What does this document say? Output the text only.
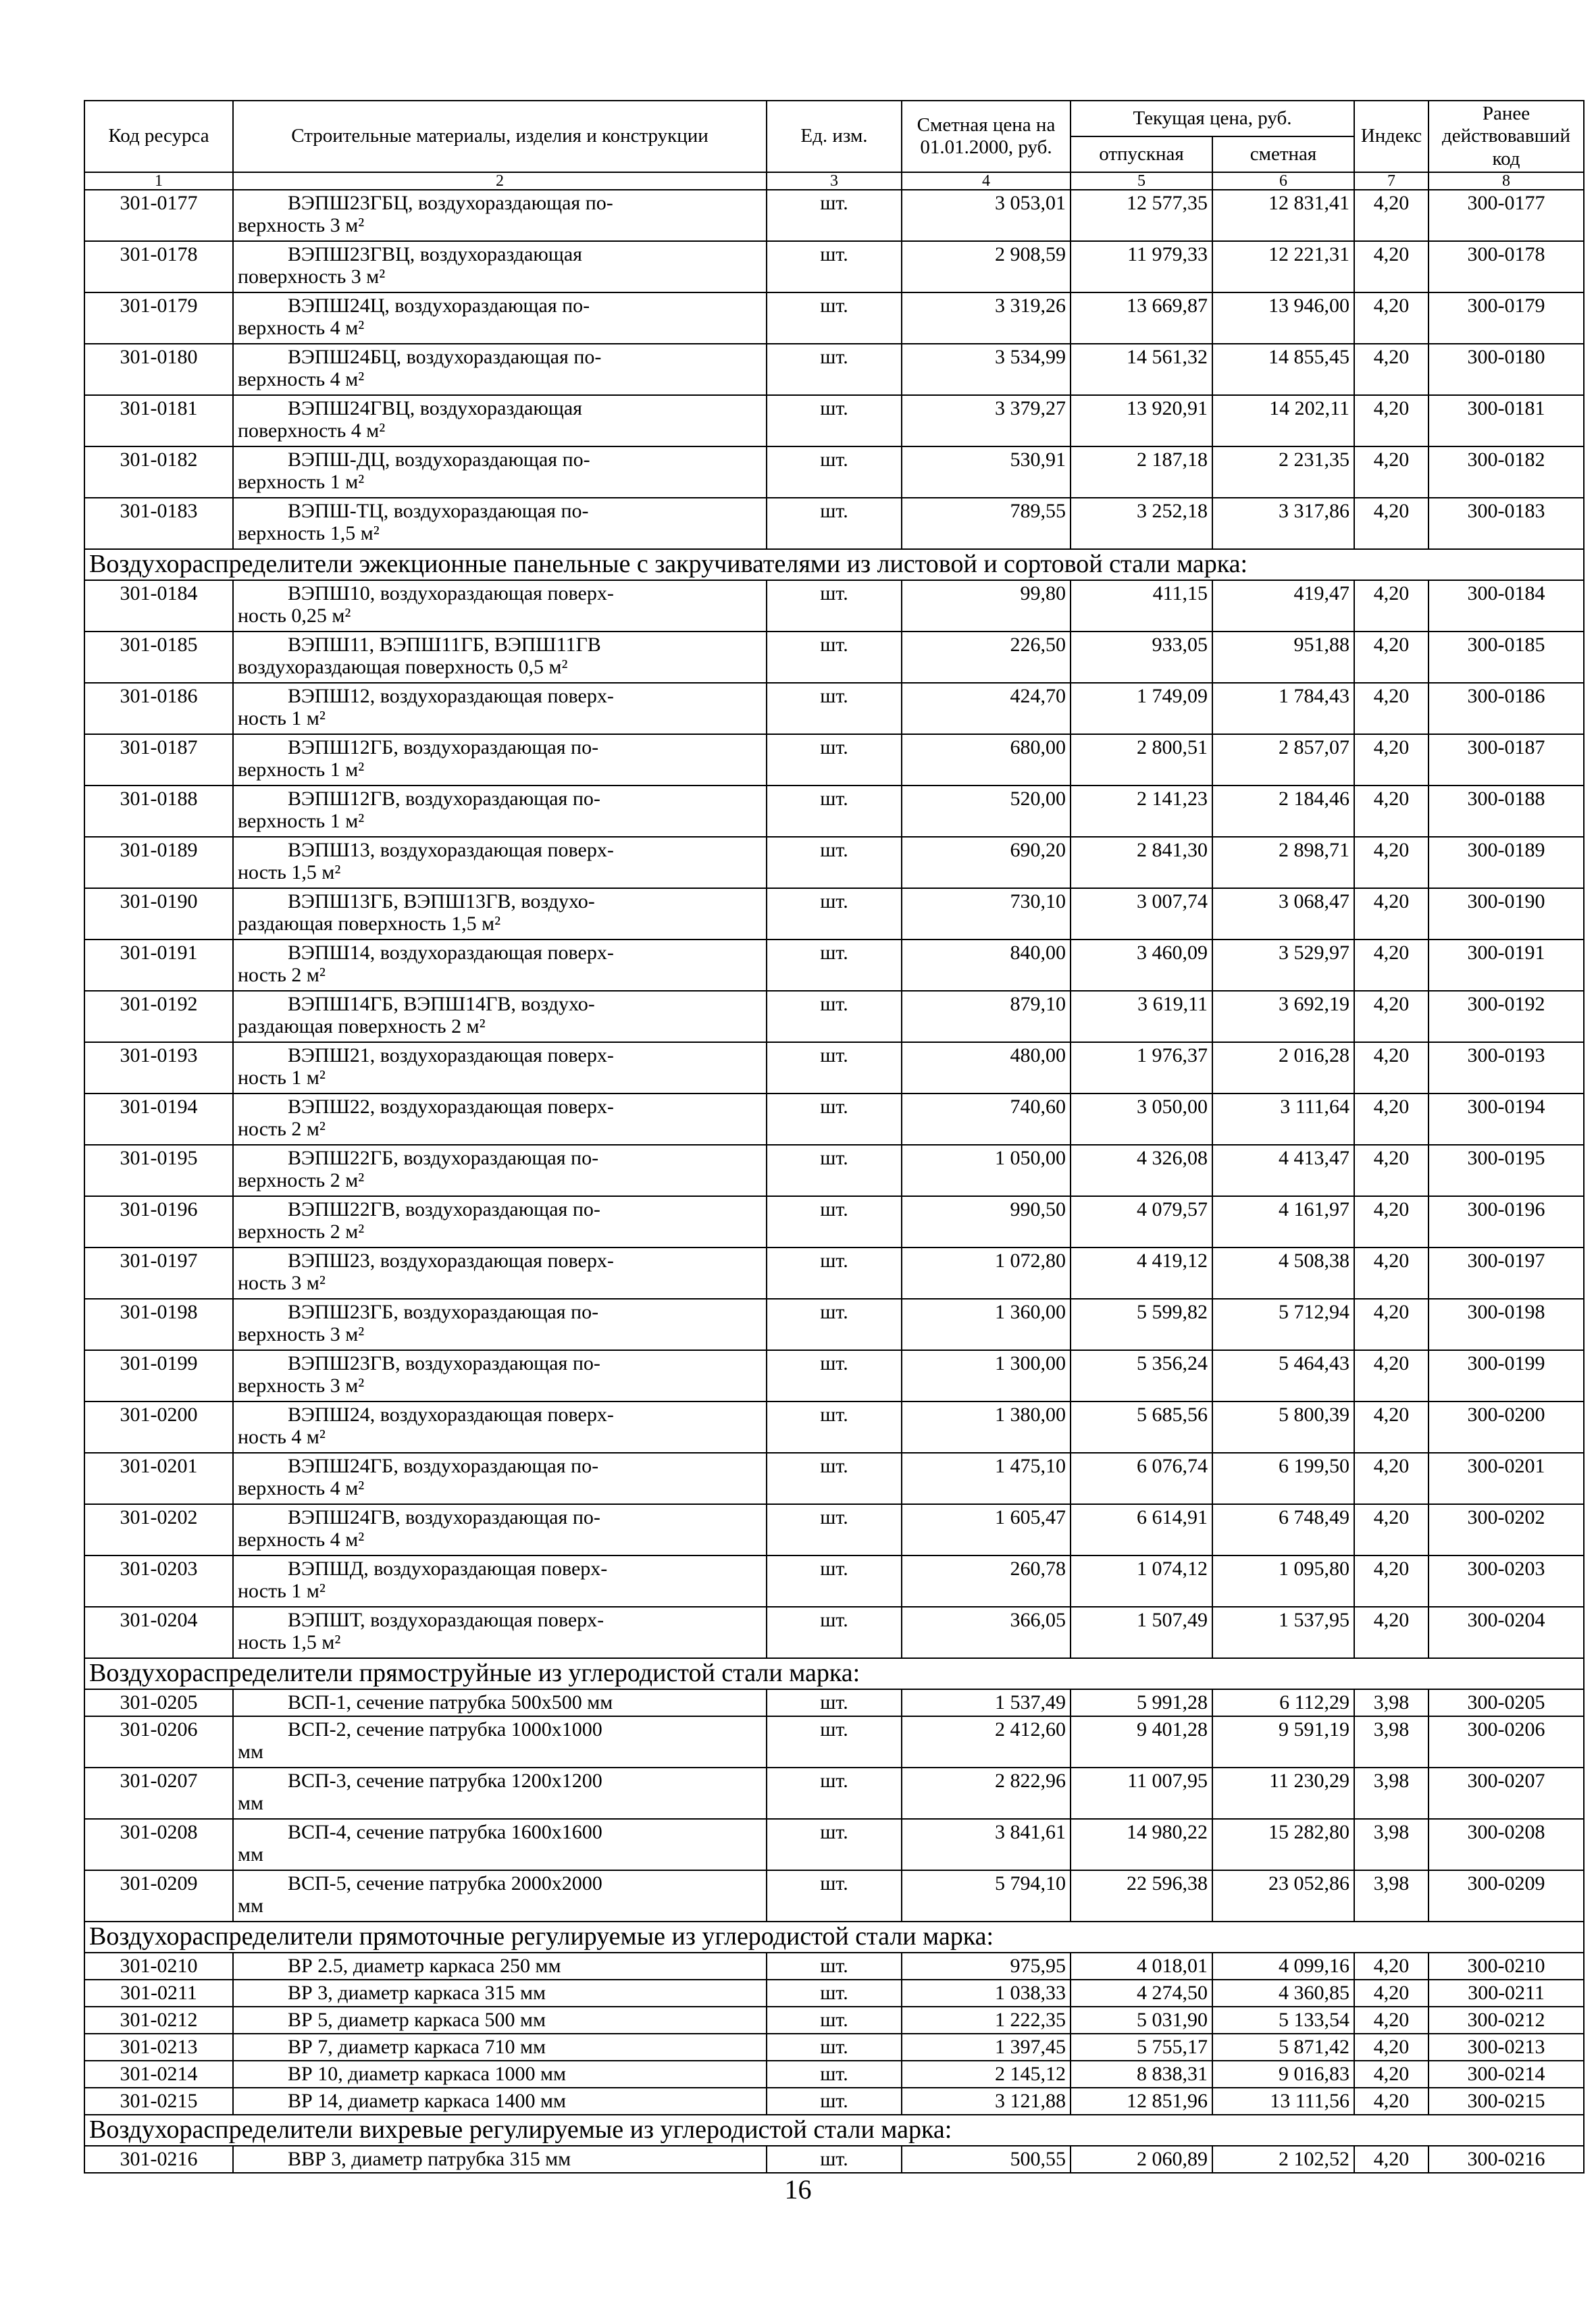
Код ресурса	Строительные материалы, изделия и конструкции	Ед. изм.	Сметная цена на 01.01.2000, руб.	Текущая цена, руб.		Индекс	Ранее действовавший код
				отпускная	сметная		
1	2	3	4	5	6	7	8
301-0177	ВЭПШ23ГБЦ, воздухораздающая по-
верхность 3 м²	шт.	3 053,01	12 577,35	12 831,41	4,20	300-0177
301-0178	ВЭПШ23ГВЦ, воздухораздающая
поверхность 3 м²	шт.	2 908,59	11 979,33	12 221,31	4,20	300-0178
301-0179	ВЭПШ24Ц, воздухораздающая по-
верхность 4 м²	шт.	3 319,26	13 669,87	13 946,00	4,20	300-0179
301-0180	ВЭПШ24БЦ, воздухораздающая по-
верхность 4 м²	шт.	3 534,99	14 561,32	14 855,45	4,20	300-0180
301-0181	ВЭПШ24ГВЦ, воздухораздающая
поверхность 4 м²	шт.	3 379,27	13 920,91	14 202,11	4,20	300-0181
301-0182	ВЭПШ-ДЦ, воздухораздающая по-
верхность 1 м²	шт.	530,91	2 187,18	2 231,35	4,20	300-0182
301-0183	ВЭПШ-ТЦ, воздухораздающая по-
верхность 1,5 м²	шт.	789,55	3 252,18	3 317,86	4,20	300-0183
Воздухораспределители эжекционные панельные с закручивателями из листовой и сортовой стали марка:							
301-0184	ВЭПШ10, воздухораздающая поверх-
ность 0,25 м²	шт.	99,80	411,15	419,47	4,20	300-0184
301-0185	ВЭПШ11, ВЭПШ11ГБ, ВЭПШ11ГВ
воздухораздающая поверхность 0,5 м²	шт.	226,50	933,05	951,88	4,20	300-0185
301-0186	ВЭПШ12, воздухораздающая поверх-
ность 1 м²	шт.	424,70	1 749,09	1 784,43	4,20	300-0186
301-0187	ВЭПШ12ГБ, воздухораздающая по-
верхность 1 м²	шт.	680,00	2 800,51	2 857,07	4,20	300-0187
301-0188	ВЭПШ12ГВ, воздухораздающая по-
верхность 1 м²	шт.	520,00	2 141,23	2 184,46	4,20	300-0188
301-0189	ВЭПШ13, воздухораздающая поверх-
ность 1,5 м²	шт.	690,20	2 841,30	2 898,71	4,20	300-0189
301-0190	ВЭПШ13ГБ, ВЭПШ13ГВ, воздухо-
раздающая поверхность 1,5 м²	шт.	730,10	3 007,74	3 068,47	4,20	300-0190
301-0191	ВЭПШ14, воздухораздающая поверх-
ность 2 м²	шт.	840,00	3 460,09	3 529,97	4,20	300-0191
301-0192	ВЭПШ14ГБ, ВЭПШ14ГВ, воздухо-
раздающая поверхность 2 м²	шт.	879,10	3 619,11	3 692,19	4,20	300-0192
301-0193	ВЭПШ21, воздухораздающая поверх-
ность 1 м²	шт.	480,00	1 976,37	2 016,28	4,20	300-0193
301-0194	ВЭПШ22, воздухораздающая поверх-
ность 2 м²	шт.	740,60	3 050,00	3 111,64	4,20	300-0194
301-0195	ВЭПШ22ГБ, воздухораздающая по-
верхность 2 м²	шт.	1 050,00	4 326,08	4 413,47	4,20	300-0195
301-0196	ВЭПШ22ГВ, воздухораздающая по-
верхность 2 м²	шт.	990,50	4 079,57	4 161,97	4,20	300-0196
301-0197	ВЭПШ23, воздухораздающая поверх-
ность 3 м²	шт.	1 072,80	4 419,12	4 508,38	4,20	300-0197
301-0198	ВЭПШ23ГБ, воздухораздающая по-
верхность 3 м²	шт.	1 360,00	5 599,82	5 712,94	4,20	300-0198
301-0199	ВЭПШ23ГВ, воздухораздающая по-
верхность 3 м²	шт.	1 300,00	5 356,24	5 464,43	4,20	300-0199
301-0200	ВЭПШ24, воздухораздающая поверх-
ность 4 м²	шт.	1 380,00	5 685,56	5 800,39	4,20	300-0200
301-0201	ВЭПШ24ГБ, воздухораздающая по-
верхность 4 м²	шт.	1 475,10	6 076,74	6 199,50	4,20	300-0201
301-0202	ВЭПШ24ГВ, воздухораздающая по-
верхность 4 м²	шт.	1 605,47	6 614,91	6 748,49	4,20	300-0202
301-0203	ВЭПШД, воздухораздающая поверх-
ность 1 м²	шт.	260,78	1 074,12	1 095,80	4,20	300-0203
301-0204	ВЭПШТ, воздухораздающая поверх-
ность 1,5 м²	шт.	366,05	1 507,49	1 537,95	4,20	300-0204
Воздухораспределители прямоструйные из углеродистой стали марка:							
301-0205	ВСП-1, сечение патрубка 500х500 мм	шт.	1 537,49	5 991,28	6 112,29	3,98	300-0205
301-0206	ВСП-2, сечение патрубка 1000х1000
мм	шт.	2 412,60	9 401,28	9 591,19	3,98	300-0206
301-0207	ВСП-3, сечение патрубка 1200х1200
мм	шт.	2 822,96	11 007,95	11 230,29	3,98	300-0207
301-0208	ВСП-4, сечение патрубка 1600х1600
мм	шт.	3 841,61	14 980,22	15 282,80	3,98	300-0208
301-0209	ВСП-5, сечение патрубка 2000х2000
мм	шт.	5 794,10	22 596,38	23 052,86	3,98	300-0209
Воздухораспределители прямоточные регулируемые из углеродистой стали марка:							
301-0210	ВР 2.5, диаметр каркаса 250 мм	шт.	975,95	4 018,01	4 099,16	4,20	300-0210
301-0211	ВР 3, диаметр каркаса 315 мм	шт.	1 038,33	4 274,50	4 360,85	4,20	300-0211
301-0212	ВР 5, диаметр каркаса 500 мм	шт.	1 222,35	5 031,90	5 133,54	4,20	300-0212
301-0213	ВР 7, диаметр каркаса 710 мм	шт.	1 397,45	5 755,17	5 871,42	4,20	300-0213
301-0214	ВР 10, диаметр каркаса 1000 мм	шт.	2 145,12	8 838,31	9 016,83	4,20	300-0214
301-0215	ВР 14, диаметр каркаса 1400 мм	шт.	3 121,88	12 851,96	13 111,56	4,20	300-0215
Воздухораспределители вихревые регулируемые из углеродистой стали марка:							
301-0216	ВВР 3, диаметр патрубка 315 мм	шт.	500,55	2 060,89	2 102,52	4,20	300-0216
16
